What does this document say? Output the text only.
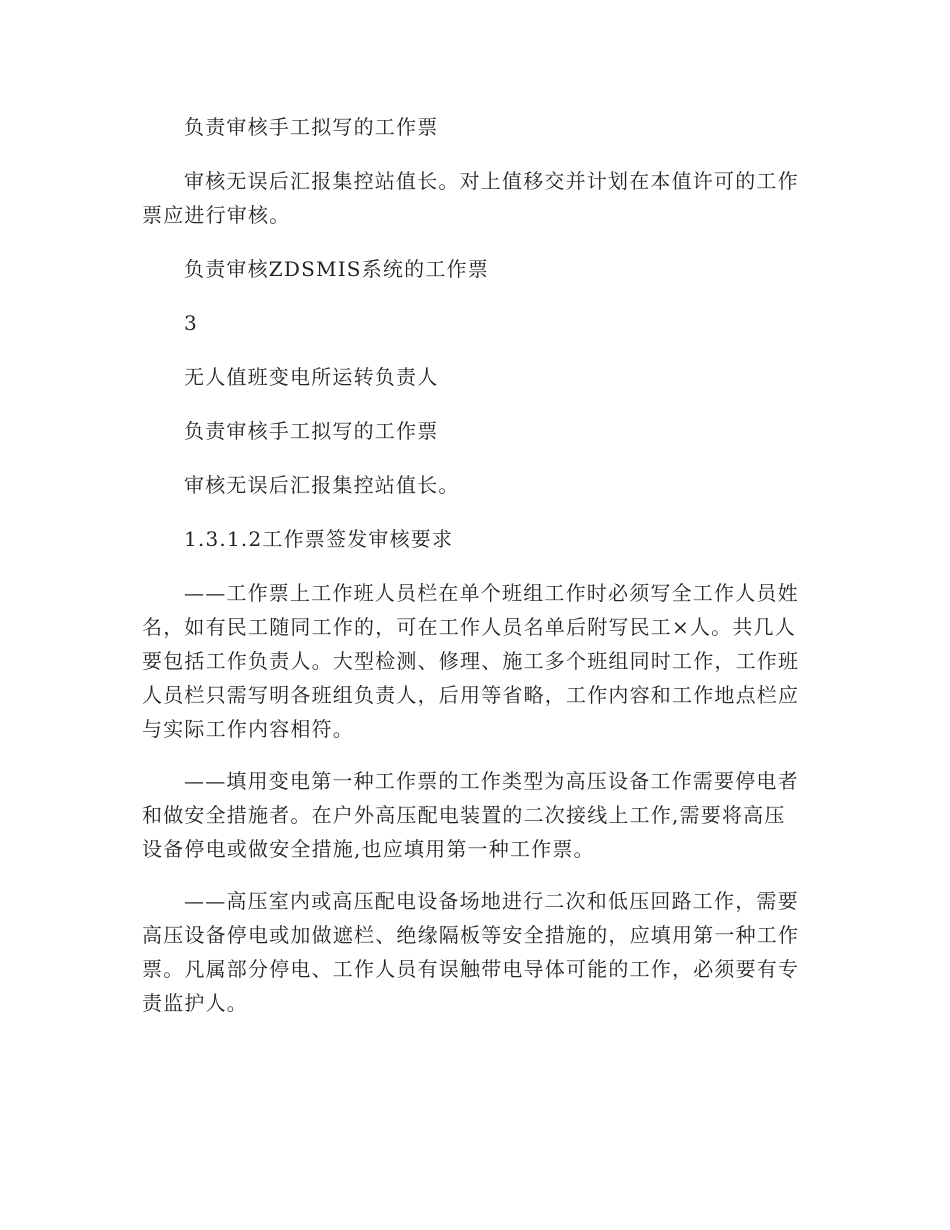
负责审核手工拟写的工作票

审核无误后汇报集控站值长。对上值移交并计划在本值许可的工作票应进行审核。

负责审核ZDSMIS系统的工作票

3

无人值班变电所运转负责人

负责审核手工拟写的工作票

审核无误后汇报集控站值长。

1.3.1.2工作票签发审核要求

——工作票上工作班人员栏在单个班组工作时必须写全工作人员姓名，如有民工随同工作的，可在工作人员名单后附写民工×人。共几人要包括工作负责人。大型检测、修理、施工多个班组同时工作，工作班人员栏只需写明各班组负责人，后用等省略，工作内容和工作地点栏应与实际工作内容相符。

——填用变电第一种工作票的工作类型为高压设备工作需要停电者和做安全措施者。在户外高压配电装置的二次接线上工作,需要将高压设备停电或做安全措施,也应填用第一种工作票。

——高压室内或高压配电设备场地进行二次和低压回路工作，需要高压设备停电或加做遮栏、绝缘隔板等安全措施的，应填用第一种工作票。凡属部分停电、工作人员有误触带电导体可能的工作，必须要有专责监护人。
